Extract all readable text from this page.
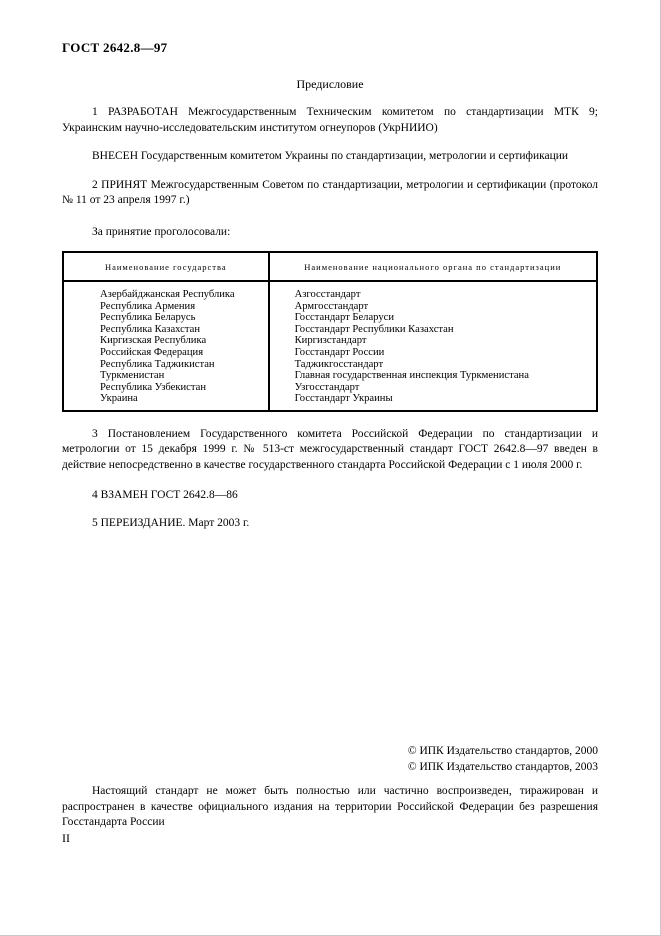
ГОСТ 2642.8—97
Предисловие

1 РАЗРАБОТАН Межгосударственным Техническим комитетом по стандартизации МТК 9; Украинским научно-исследовательским институтом огнеупоров (УкрНИИО)

ВНЕСЕН Государственным комитетом Украины по стандартизации, метрологии и сертификации

2 ПРИНЯТ Межгосударственным Советом по стандартизации, метрологии и сертификации (протокол № 11 от 23 апреля 1997 г.)

За принятие проголосовали:

Наименование государства	Наименование национального органа по стандартизации
Азербайджанская Республика	Азгосстандарт
Республика Армения	Армгосстандарт
Республика Беларусь	Госстандарт Беларуси
Республика Казахстан	Госстандарт Республики Казахстан
Киргизская Республика	Киргизстандарт
Российская Федерация	Госстандарт России
Республика Таджикистан	Таджикгосстандарт
Туркменистан	Главная государственная инспекция Туркменистана
Республика Узбекистан	Узгосстандарт
Украина	Госстандарт Украины

3 Постановлением Государственного комитета Российской Федерации по стандартизации и метрологии от 15 декабря 1999 г. № 513-ст межгосударственный стандарт ГОСТ 2642.8—97 введен в действие непосредственно в качестве государственного стандарта Российской Федерации с 1 июля 2000 г.

4 ВЗАМЕН ГОСТ 2642.8—86

5 ПЕРЕИЗДАНИЕ. Март 2003 г.

© ИПК Издательство стандартов, 2000
© ИПК Издательство стандартов, 2003
Настоящий стандарт не может быть полностью или частично воспроизведен, тиражирован и распространен в качестве официального издания на территории Российской Федерации без разрешения Госстандарта России
II
